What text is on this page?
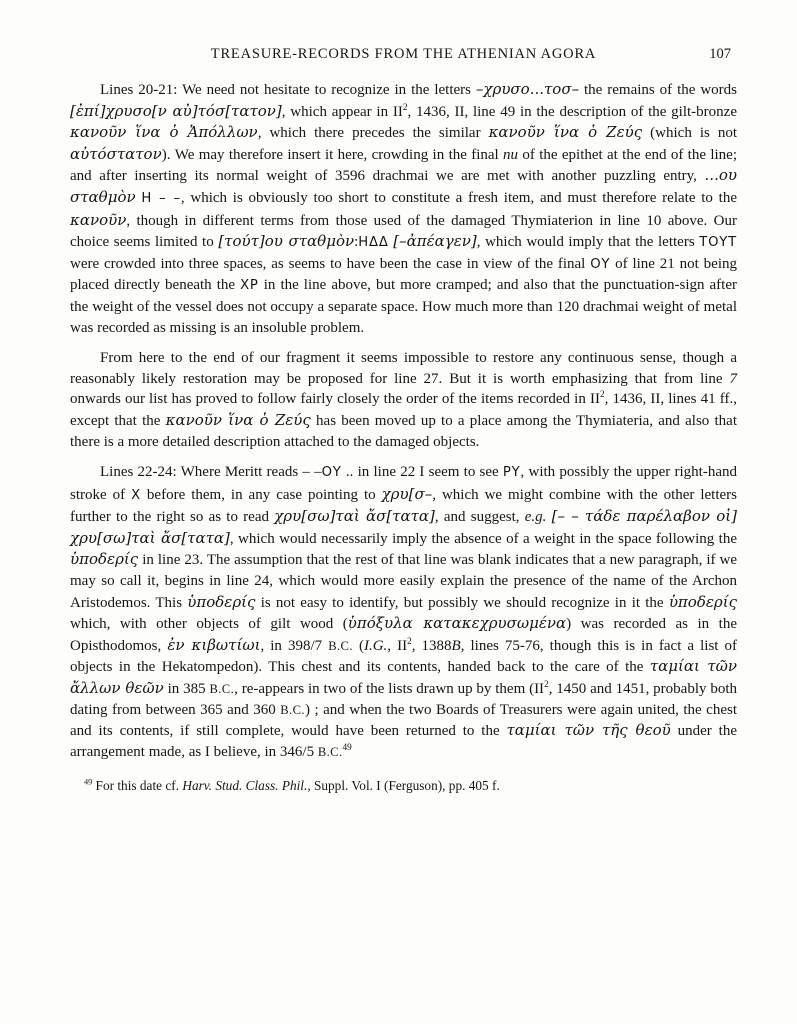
TREASURE-RECORDS FROM THE ATHENIAN AGORA	107

Lines 20-21: We need not hesitate to recognize in the letters –χρυσο...τοσ– the remains of the words [ἐπί]χρυσο[ν αὐ]τόσ[τατον], which appear in $II^2$, 1436, II, line 49 in the description of the gilt-bronze κανοῦν ἵνα ὁ Ἀπόλλων, which there precedes the similar κανοῦν ἵνα ὁ Ζεύς (which is not αὐτόστατον). We may therefore insert it here, crowding in the final nu of the epithet at the end of the line; and after inserting its normal weight of 3596 drachmai we are met with another puzzling entry, ...ου σταθμὸν H – –, which is obviously too short to constitute a fresh item, and must therefore relate to the κανοῦν, though in different terms from those used of the damaged Thymiaterion in line 10 above. Our choice seems limited to [τούτ]ου σταθμὸν:HΔΔ [–ἀπέαγεν], which would imply that the letters ΤΟΥΤ were crowded into three spaces, as seems to have been the case in view of the final ΟΥ of line 21 not being placed directly beneath the ΧΡ in the line above, but more cramped; and also that the punctuation-sign after the weight of the vessel does not occupy a separate space. How much more than 120 drachmai weight of metal was recorded as missing is an insoluble problem.

From here to the end of our fragment it seems impossible to restore any continuous sense, though a reasonably likely restoration may be proposed for line 27. But it is worth emphasizing that from line 7 onwards our list has proved to follow fairly closely the order of the items recorded in $II^2$, 1436, II, lines 41 ff., except that the κανοῦν ἵνα ὁ Ζεύς has been moved up to a place among the Thymiateria, and also that there is a more detailed description attached to the damaged objects.

Lines 22-24: Where Meritt reads – –ΟΥ .. in line 22 I seem to see ΡΥ, with possibly the upper right-hand stroke of Χ before them, in any case pointing to χρυ[σ–, which we might combine with the other letters further to the right so as to read χρυ[σω]ταὶ ἄσ[τατα], and suggest, e.g. [– – τάδε παρέλαβον οἱ] χρυ[σω]ταὶ ἄσ[τατα], which would necessarily imply the absence of a weight in the space following the ὑποδερίς in line 23. The assumption that the rest of that line was blank indicates that a new paragraph, if we may so call it, begins in line 24, which would more easily explain the presence of the name of the Archon Aristodemos. This ὑποδερίς is not easy to identify, but possibly we should recognize in it the ὑποδερίς which, with other objects of gilt wood (ὑπόξυλα κατακεχρυσωμένα) was recorded as in the Opisthodomos, ἐν κιβωτίωι, in 398/7 B.C. (I.G., $II^2$, 1388B, lines 75-76, though this is in fact a list of objects in the Hekatompedon). This chest and its contents, handed back to the care of the ταμίαι τῶν ἄλλων θεῶν in 385 B.C., re-appears in two of the lists drawn up by them ($II^2$, 1450 and 1451, probably both dating from between 365 and 360 B.C.) ; and when the two Boards of Treasurers were again united, the chest and its contents, if still complete, would have been returned to the ταμίαι τῶν τῆς θεοῦ under the arrangement made, as I believe, in 346/5 B.C.$^{49}$

$^{49}$ For this date cf. Harv. Stud. Class. Phil., Suppl. Vol. I (Ferguson), pp. 405 f.
